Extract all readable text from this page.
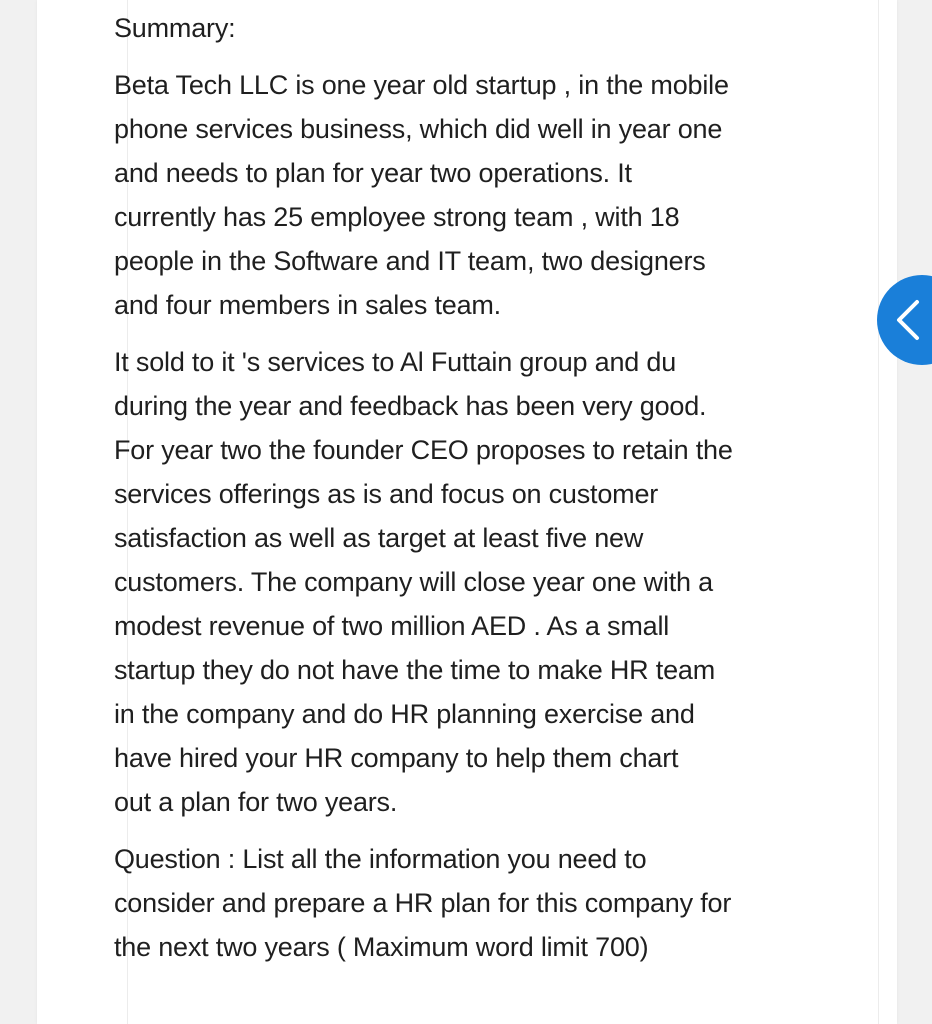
Summary:

Beta Tech LLC is one year old startup , in the mobile
phone services business, which did well in year one
and needs to plan for year two operations. It
currently has 25 employee strong team , with 18
people in the Software and IT team, two designers
and four members in sales team.

It sold to it 's services to Al Futtain group and du
during the year and feedback has been very good.
For year two the founder CEO proposes to retain the
services offerings as is and focus on customer
satisfaction as well as target at least five new
customers. The company will close year one with a
modest revenue of two million AED . As a small
startup they do not have the time to make HR team
in the company and do HR planning exercise and
have hired your HR company to help them chart
out a plan for two years.

Question : List all the information you need to
consider and prepare a HR plan for this company for
the next two years ( Maximum word limit 700)
